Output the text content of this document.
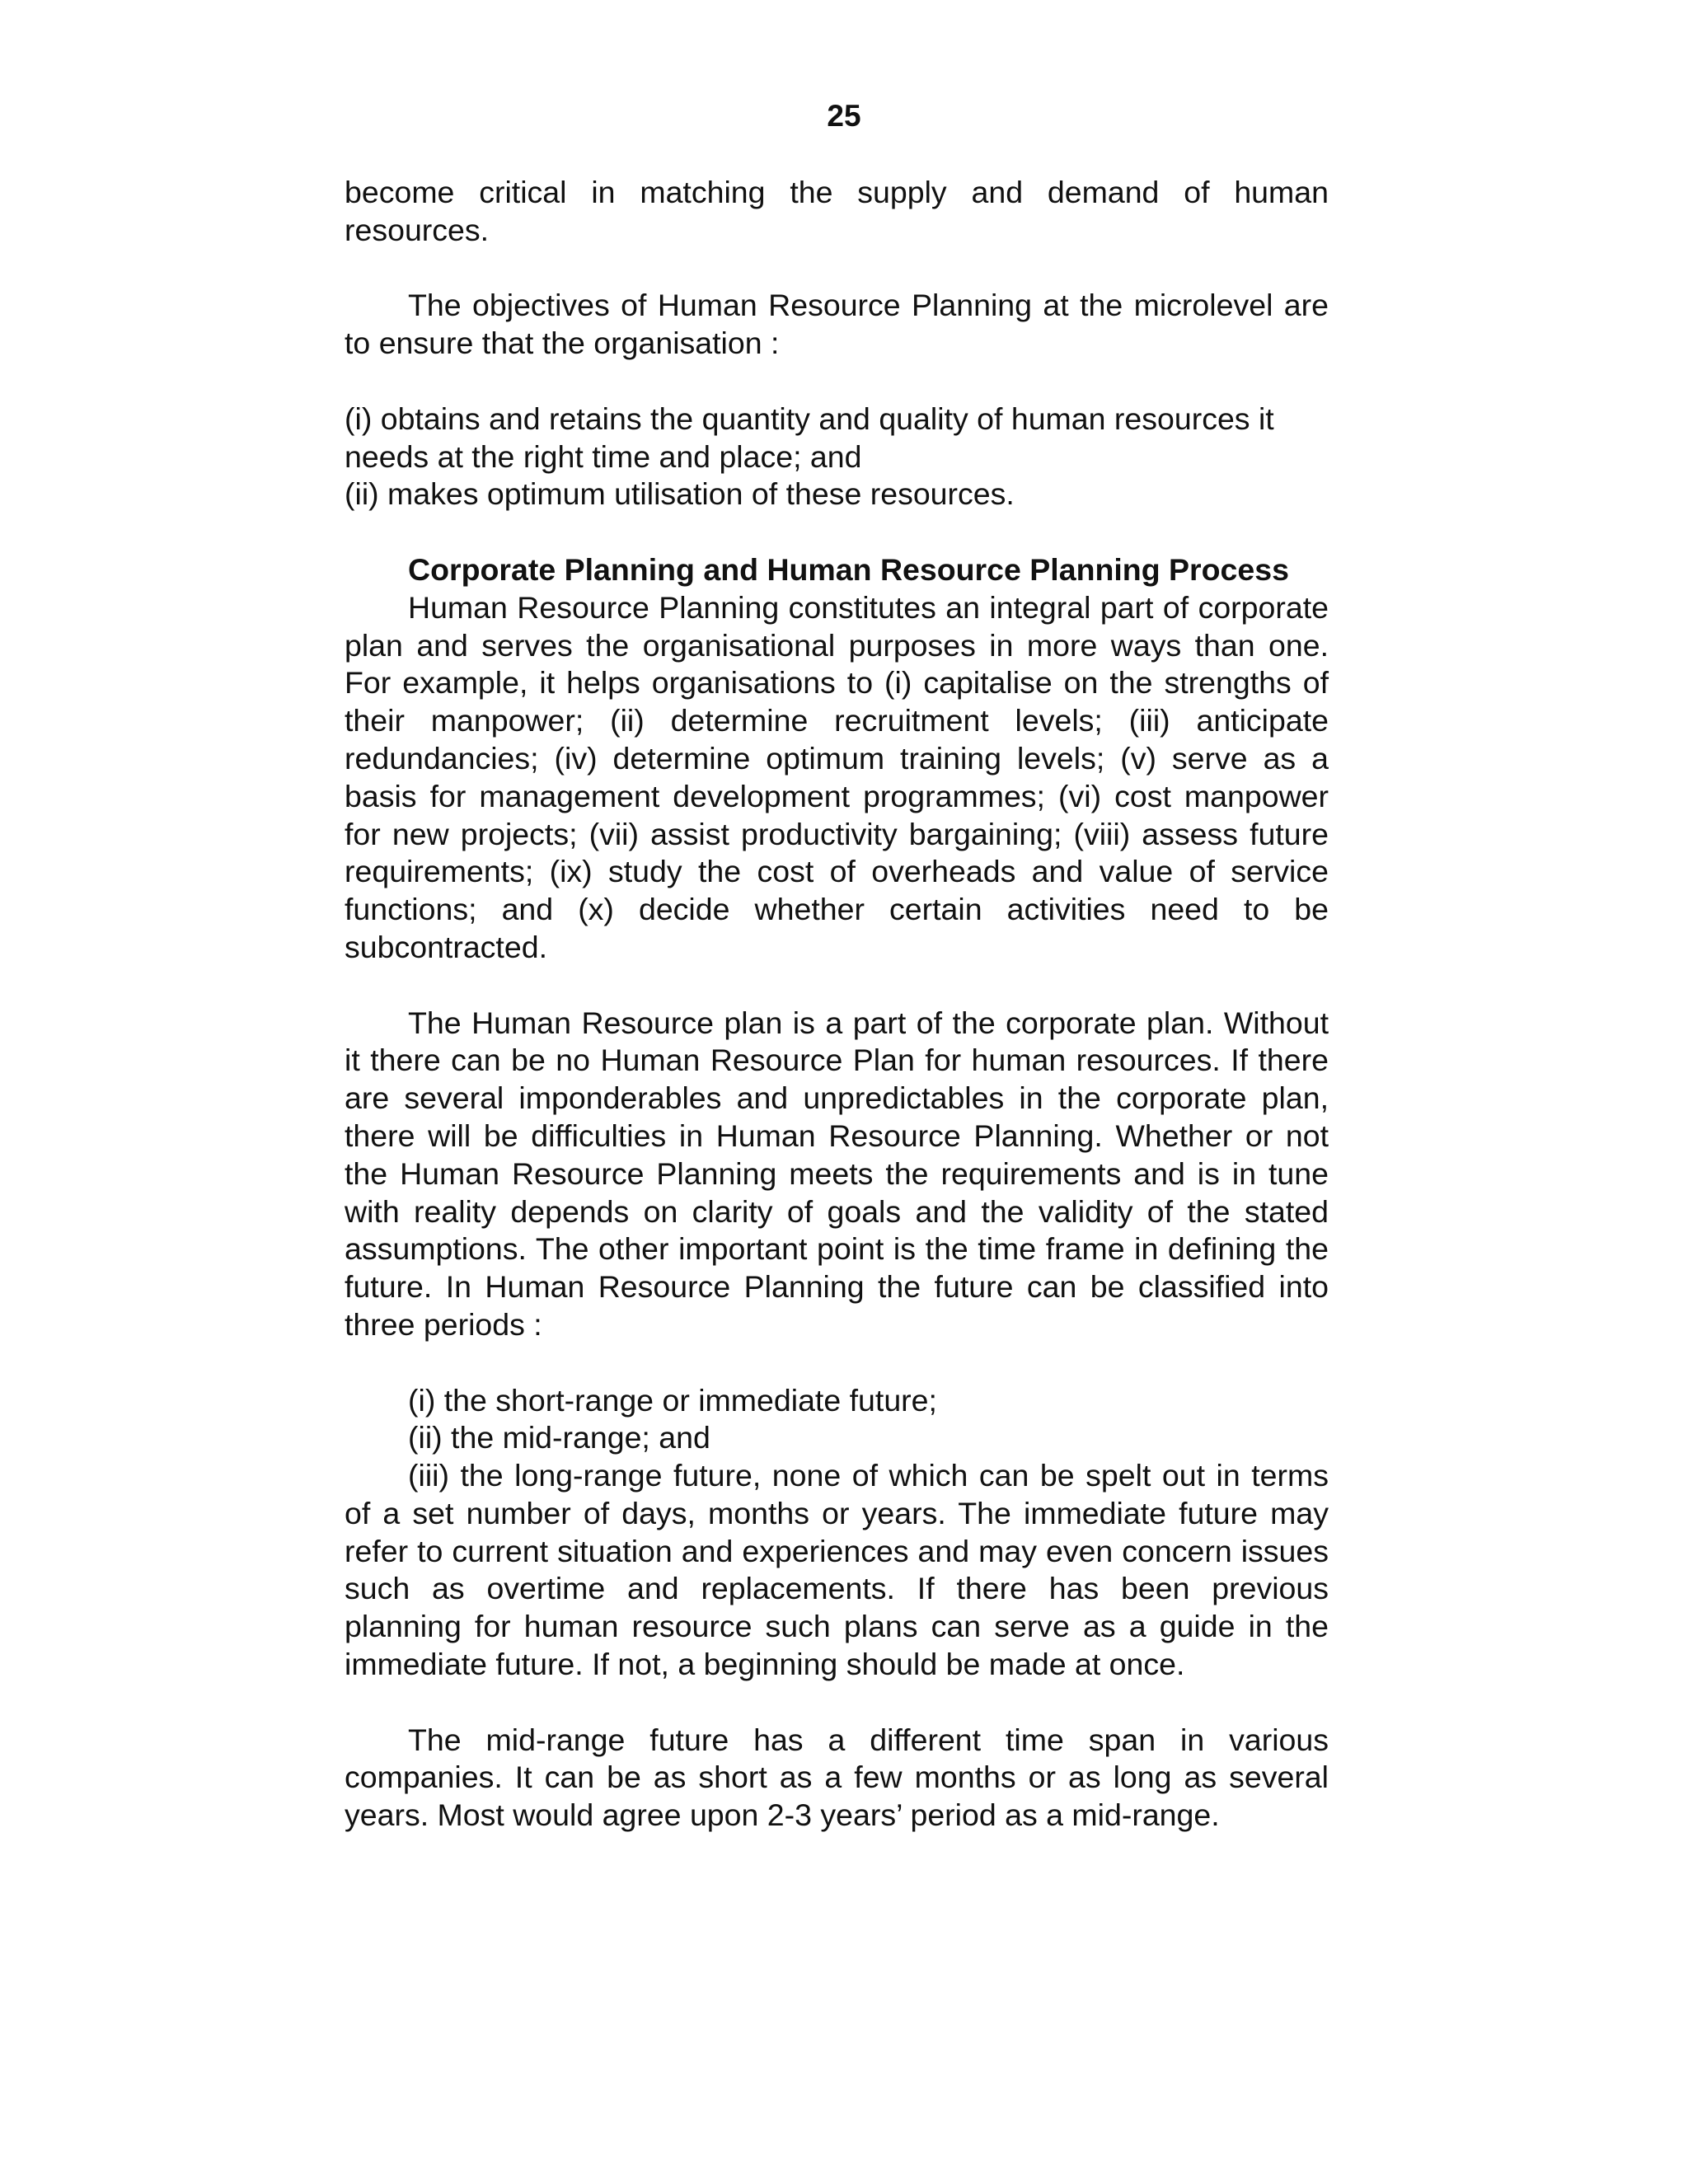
25

become critical in matching the supply and demand of human resources.

The objectives of Human Resource Planning at the microlevel are to ensure that the organisation :

(i) obtains and retains the quantity and quality of human resources it needs at the right time and place; and

(ii) makes optimum utilisation of these resources.

Corporate Planning and Human Resource Planning Process

Human Resource Planning constitutes an integral part of corporate plan and serves the organisational purposes in more ways than one. For example, it helps organisations to (i) capitalise on the strengths of their manpower; (ii) determine recruitment levels; (iii) anticipate redundancies; (iv) determine optimum training levels; (v) serve as a basis for management development programmes; (vi) cost manpower for new projects; (vii) assist productivity bargaining; (viii) assess future requirements; (ix) study the cost of overheads and value of service functions; and (x) decide whether certain activities need to be subcontracted.

The Human Resource plan is a part of the corporate plan. Without it there can be no Human Resource Plan for human resources. If there are several imponderables and unpredictables in the corporate plan, there will be difficulties in Human Resource Planning. Whether or not the Human Resource Planning meets the requirements and is in tune with reality depends on clarity of goals and the validity of the stated assumptions. The other important point is the time frame in defining the future. In Human Resource Planning the future can be classified into three periods :

(i) the short-range or immediate future;

(ii) the mid-range; and

(iii) the long-range future, none of which can be spelt out in terms of a set number of days, months or years. The immediate future may refer to current situation and experiences and may even concern issues such as overtime and replacements. If there has been previous planning for human resource such plans can serve as a guide in the immediate future. If not, a beginning should be made at once.

The mid-range future has a different time span in various companies. It can be as short as a few months or as long as several years. Most would agree upon 2-3 years’ period as a mid-range.
